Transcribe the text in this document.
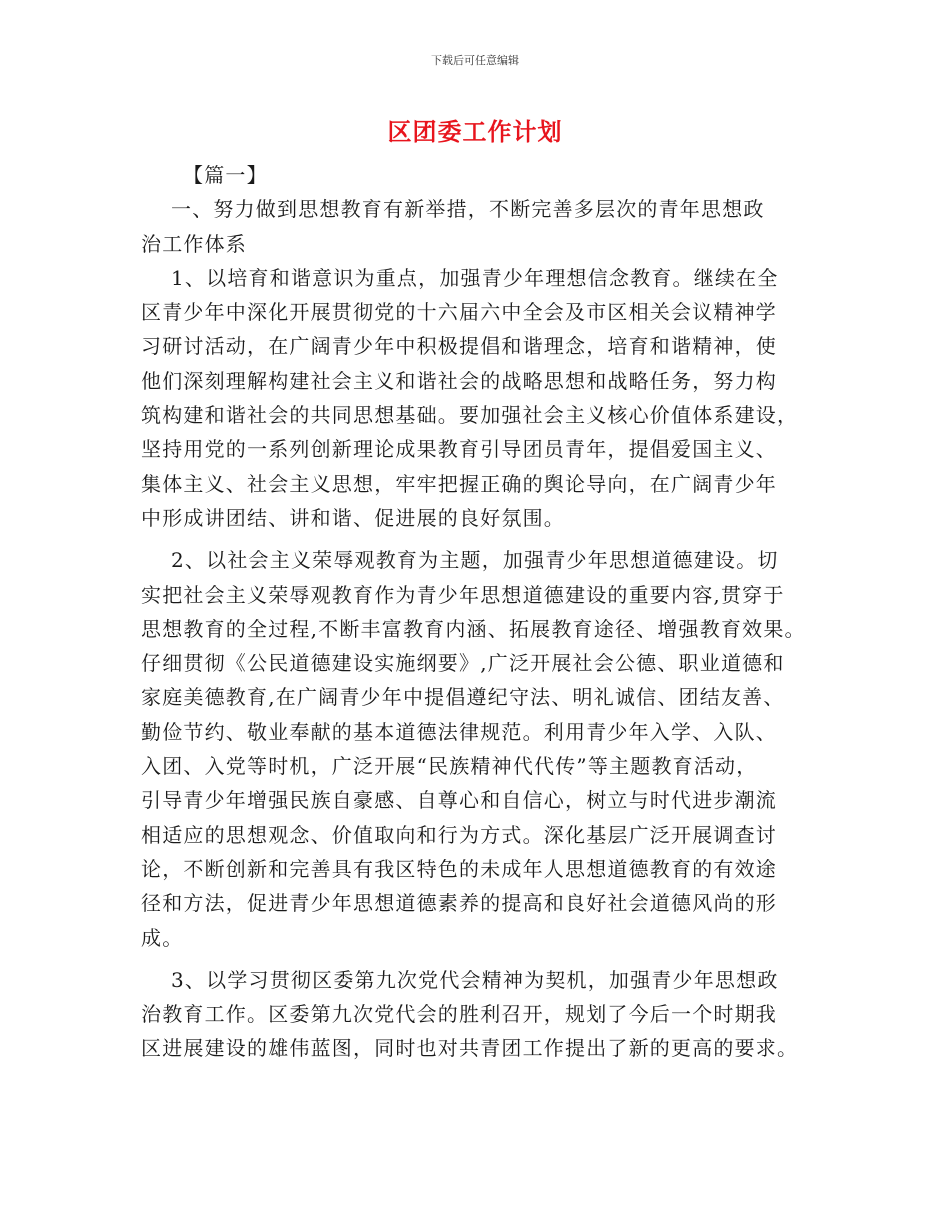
下载后可任意编辑
区团委工作计划
【篇一】
一、努力做到思想教育有新举措，不断完善多层次的青年思想政
治工作体系
1、以培育和谐意识为重点，加强青少年理想信念教育。继续在全
区青少年中深化开展贯彻党的十六届六中全会及市区相关会议精神学
习研讨活动，在广阔青少年中积极提倡和谐理念，培育和谐精神，使
他们深刻理解构建社会主义和谐社会的战略思想和战略任务，努力构
筑构建和谐社会的共同思想基础。要加强社会主义核心价值体系建设，
坚持用党的一系列创新理论成果教育引导团员青年，提倡爱国主义、
集体主义、社会主义思想，牢牢把握正确的舆论导向，在广阔青少年
中形成讲团结、讲和谐、促进展的良好氛围。
2、以社会主义荣辱观教育为主题，加强青少年思想道德建设。切
实把社会主义荣辱观教育作为青少年思想道德建设的重要内容,贯穿于
思想教育的全过程,不断丰富教育内涵、拓展教育途径、增强教育效果。
仔细贯彻《公民道德建设实施纲要》,广泛开展社会公德、职业道德和
家庭美德教育,在广阔青少年中提倡遵纪守法、明礼诚信、团结友善、
勤俭节约、敬业奉献的基本道德法律规范。利用青少年入学、入队、
入团、入党等时机，广泛开展“民族精神代代传”等主题教育活动，
引导青少年增强民族自豪感、自尊心和自信心，树立与时代进步潮流
相适应的思想观念、价值取向和行为方式。深化基层广泛开展调查讨
论，不断创新和完善具有我区特色的未成年人思想道德教育的有效途
径和方法，促进青少年思想道德素养的提高和良好社会道德风尚的形
成。
3、以学习贯彻区委第九次党代会精神为契机，加强青少年思想政
治教育工作。区委第九次党代会的胜利召开，规划了今后一个时期我
区进展建设的雄伟蓝图，同时也对共青团工作提出了新的更高的要求。
